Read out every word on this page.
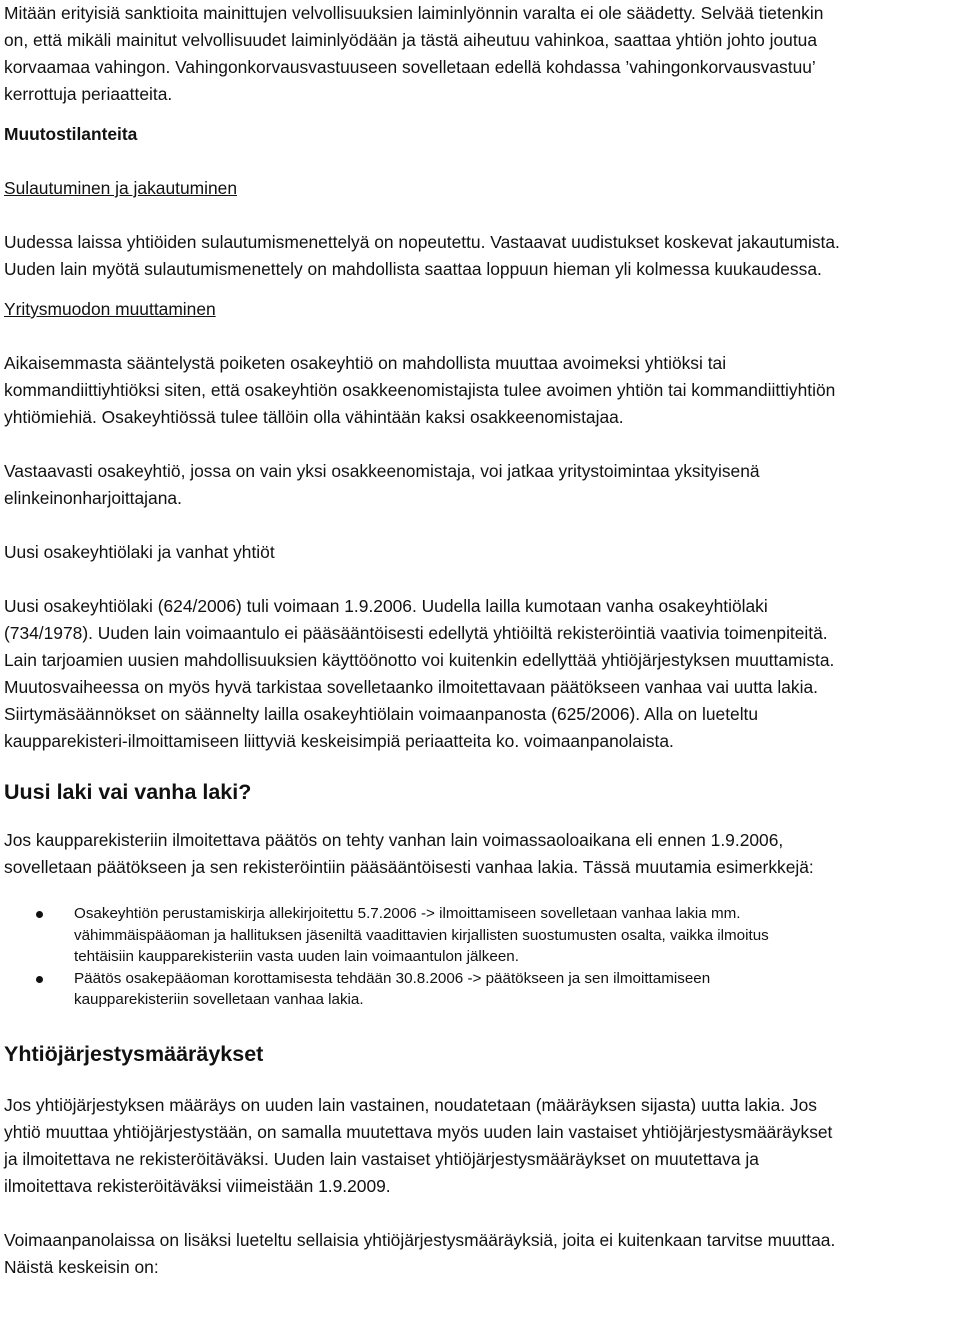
Mitään erityisiä sanktioita mainittujen velvollisuuksien laiminlyönnin varalta ei ole säädetty. Selvää tietenkin

on, että mikäli mainitut velvollisuudet laiminlyödään ja tästä aiheutuu vahinkoa, saattaa yhtiön johto joutua

korvaamaa vahingon. Vahingonkorvausvastuuseen sovelletaan edellä kohdassa ’vahingonkorvausvastuu’

kerrottuja periaatteita.

Muutostilanteita
Sulautuminen ja jakautuminen

Uudessa laissa yhtiöiden sulautumismenettelyä on nopeutettu. Vastaavat uudistukset koskevat jakautumista.

Uuden lain myötä sulautumismenettely on mahdollista saattaa loppuun hieman yli kolmessa kuukaudessa.

Yritysmuodon muuttaminen

Aikaisemmasta sääntelystä poiketen osakeyhtiö on mahdollista muuttaa avoimeksi yhtiöksi tai

kommandiittiyhtiöksi siten, että osakeyhtiön osakkeenomistajista tulee avoimen yhtiön tai kommandiittiyhtiön

yhtiömiehiä. Osakeyhtiössä tulee tällöin olla vähintään kaksi osakkeenomistajaa.

Vastaavasti osakeyhtiö, jossa on vain yksi osakkeenomistaja, voi jatkaa yritystoimintaa yksityisenä

elinkeinonharjoittajana.

Uusi osakeyhtiölaki ja vanhat yhtiöt

Uusi osakeyhtiölaki (624/2006) tuli voimaan 1.9.2006. Uudella lailla kumotaan vanha osakeyhtiölaki

(734/1978). Uuden lain voimaantulo ei pääsääntöisesti edellytä yhtiöiltä rekisteröintiä vaativia toimenpiteitä.

Lain tarjoamien uusien mahdollisuuksien käyttöönotto voi kuitenkin edellyttää yhtiöjärjestyksen muuttamista.

Muutosvaiheessa on myös hyvä tarkistaa sovelletaanko ilmoitettavaan päätökseen vanhaa vai uutta lakia.

Siirtymäsäännökset on säännelty lailla osakeyhtiölain voimaanpanosta (625/2006). Alla on lueteltu

kaupparekisteri-ilmoittamiseen liittyviä keskeisimpiä periaatteita ko. voimaanpanolaista.

Uusi laki vai vanha laki?

Jos kaupparekisteriin ilmoitettava päätös on tehty vanhan lain voimassaoloaikana eli ennen 1.9.2006,

sovelletaan päätökseen ja sen rekisteröintiin pääsääntöisesti vanhaa lakia. Tässä muutamia esimerkkejä:

Osakeyhtiön perustamiskirja allekirjoitettu 5.7.2006 -> ilmoittamiseen sovelletaan vanhaa lakia mm.
vähimmäispääoman ja hallituksen jäseniltä vaadittavien kirjallisten suostumusten osalta, vaikka ilmoitus
tehtäisiin kaupparekisteriin vasta uuden lain voimaantulon jälkeen.
Päätös osakepääoman korottamisesta tehdään 30.8.2006 -> päätökseen ja sen ilmoittamiseen
kaupparekisteriin sovelletaan vanhaa lakia.
Yhtiöjärjestysmääräykset

Jos yhtiöjärjestyksen määräys on uuden lain vastainen, noudatetaan (määräyksen sijasta) uutta lakia. Jos

yhtiö muuttaa yhtiöjärjestystään, on samalla muutettava myös uuden lain vastaiset yhtiöjärjestysmääräykset

ja ilmoitettava ne rekisteröitäväksi. Uuden lain vastaiset yhtiöjärjestysmääräykset on muutettava ja

ilmoitettava rekisteröitäväksi viimeistään 1.9.2009.

Voimaanpanolaissa on lisäksi lueteltu sellaisia yhtiöjärjestysmääräyksiä, joita ei kuitenkaan tarvitse muuttaa.

Näistä keskeisin on:
